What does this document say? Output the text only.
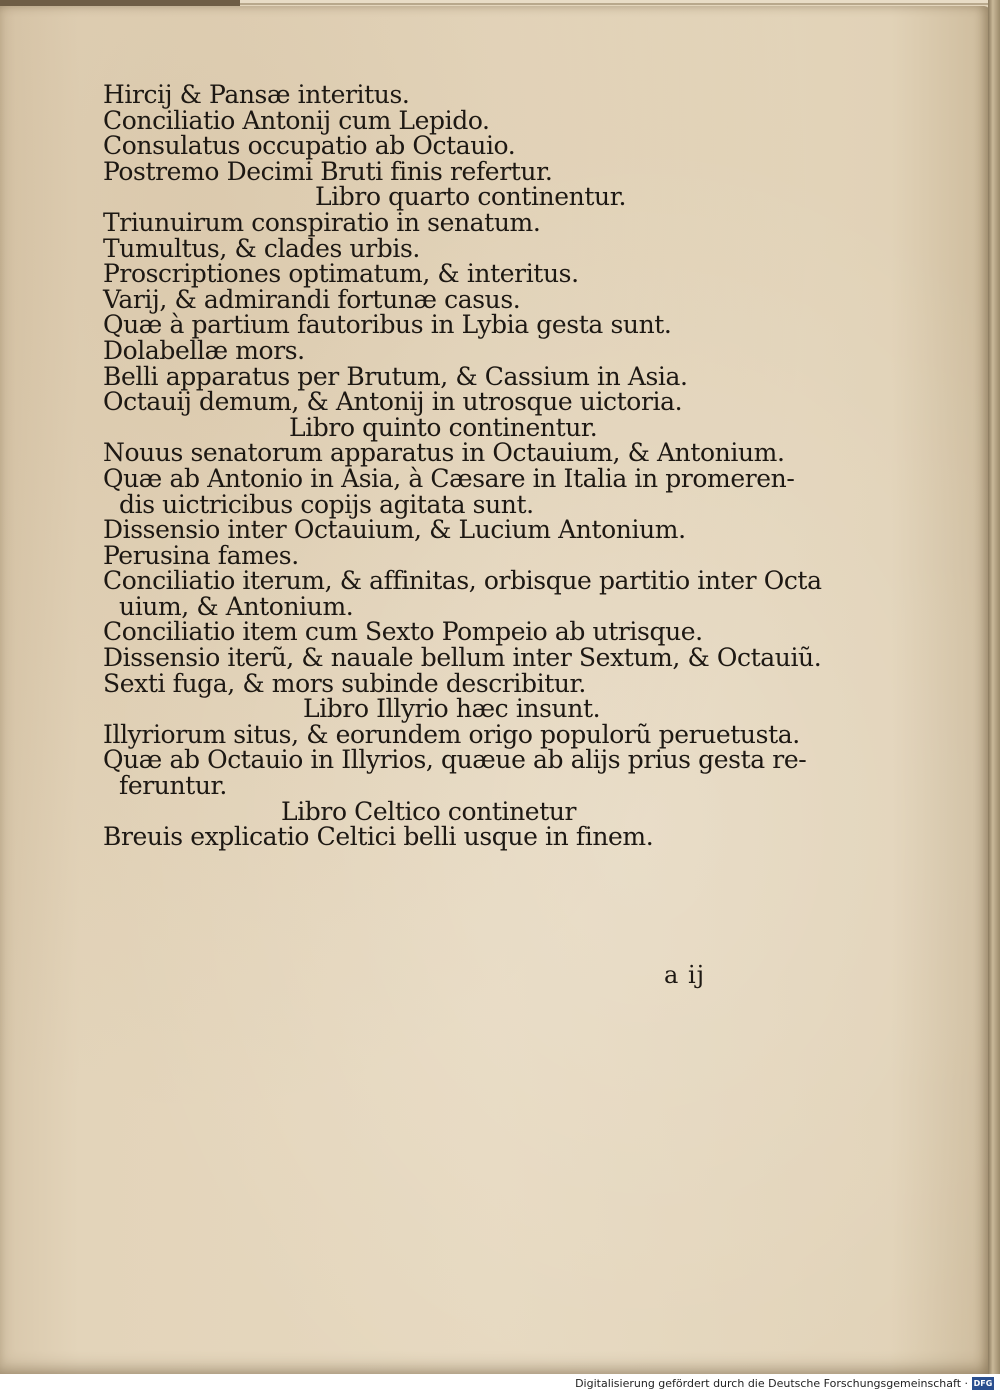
Hircij & Pansæ interitus.
Conciliatio Antonij cum Lepido.
Consulatus occupatio ab Octauio.
Postremo Decimi Bruti finis refertur.
Libro quarto continentur.
Triunuirum conspiratio in senatum.
Tumultus, & clades urbis.
Proscriptiones optimatum, & interitus.
Varij, & admirandi fortunæ casus.
Quæ à partium fautoribus in Lybia gesta sunt.
Dolabellæ mors.
Belli apparatus per Brutum, & Cassium in Asia.
Octauij demum, & Antonij in utrosque uictoria.
Libro quinto continentur.
Nouus senatorum apparatus in Octauium, & Antonium.
Quæ ab Antonio in Asia, à Cæsare in Italia in promeren-
dis uictricibus copijs agitata sunt.
Dissensio inter Octauium, & Lucium Antonium.
Perusina fames.
Conciliatio iterum, & affinitas, orbisque partitio inter Octa
uium, & Antonium.
Conciliatio item cum Sexto Pompeio ab utrisque.
Dissensio iterũ, & nauale bellum inter Sextum, & Octauiũ.
Sexti fuga, & mors subinde describitur.
Libro Illyrio hæc insunt.
Illyriorum situs, & eorundem origo populorũ peruetusta.
Quæ ab Octauio in Illyrios, quæue ab alijs prius gesta re-
feruntur.
Libro Celtico continetur
Breuis explicatio Celtici belli usque in finem.
a ij
Digitalisierung gefördert durch die Deutsche Forschungsgemeinschaft · DFG
